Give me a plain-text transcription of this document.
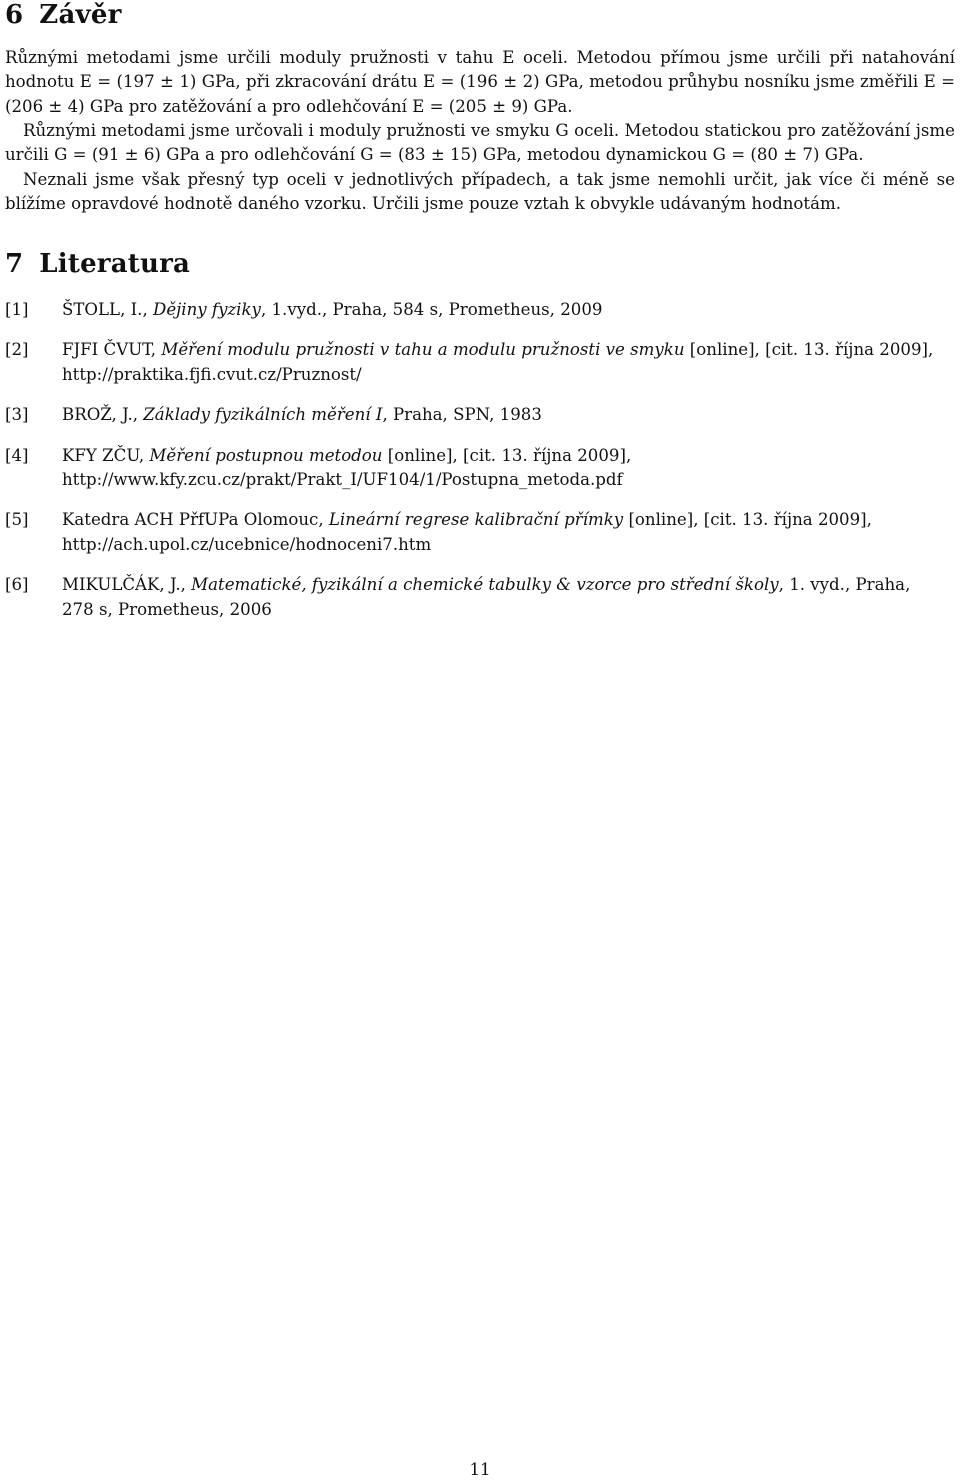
6 Závěr

Různými metodami jsme určili moduly pružnosti v tahu E oceli. Metodou přímou jsme určili při natahování hodnotu E = (197 ± 1) GPa, při zkracování drátu E = (196 ± 2) GPa, metodou průhybu nosníku jsme změřili E = (206 ± 4) GPa pro zatěžování a pro odlehčování E = (205 ± 9) GPa.

Různými metodami jsme určovali i moduly pružnosti ve smyku G oceli. Metodou statickou pro zatěžování jsme určili G = (91 ± 6) GPa a pro odlehčování G = (83 ± 15) GPa, metodou dynamickou G = (80 ± 7) GPa.

Neznali jsme však přesný typ oceli v jednotlivých případech, a tak jsme nemohli určit, jak více či méně se blížíme opravdové hodnotě daného vzorku. Určili jsme pouze vztah k obvykle udávaným hodnotám.

7 Literatura
[1] ŠTOLL, I., Dějiny fyziky, 1.vyd., Praha, 584 s, Prometheus, 2009
[2] FJFI ČVUT, Měření modulu pružnosti v tahu a modulu pružnosti ve smyku [online], [cit. 13. října 2009],
http://praktika.fjfi.cvut.cz/Pruznost/
[3] BROŽ, J., Základy fyzikálních měření I, Praha, SPN, 1983
[4] KFY ZČU, Měření postupnou metodou [online], [cit. 13. října 2009],
http://www.kfy.zcu.cz/prakt/Prakt_I/UF104/1/Postupna_metoda.pdf
[5] Katedra ACH PřfUPa Olomouc, Lineární regrese kalibrační přímky [online], [cit. 13. října 2009],
http://ach.upol.cz/ucebnice/hodnoceni7.htm
[6] MIKULČÁK, J., Matematické, fyzikální a chemické tabulky & vzorce pro střední školy, 1. vyd., Praha,
278 s, Prometheus, 2006
11
